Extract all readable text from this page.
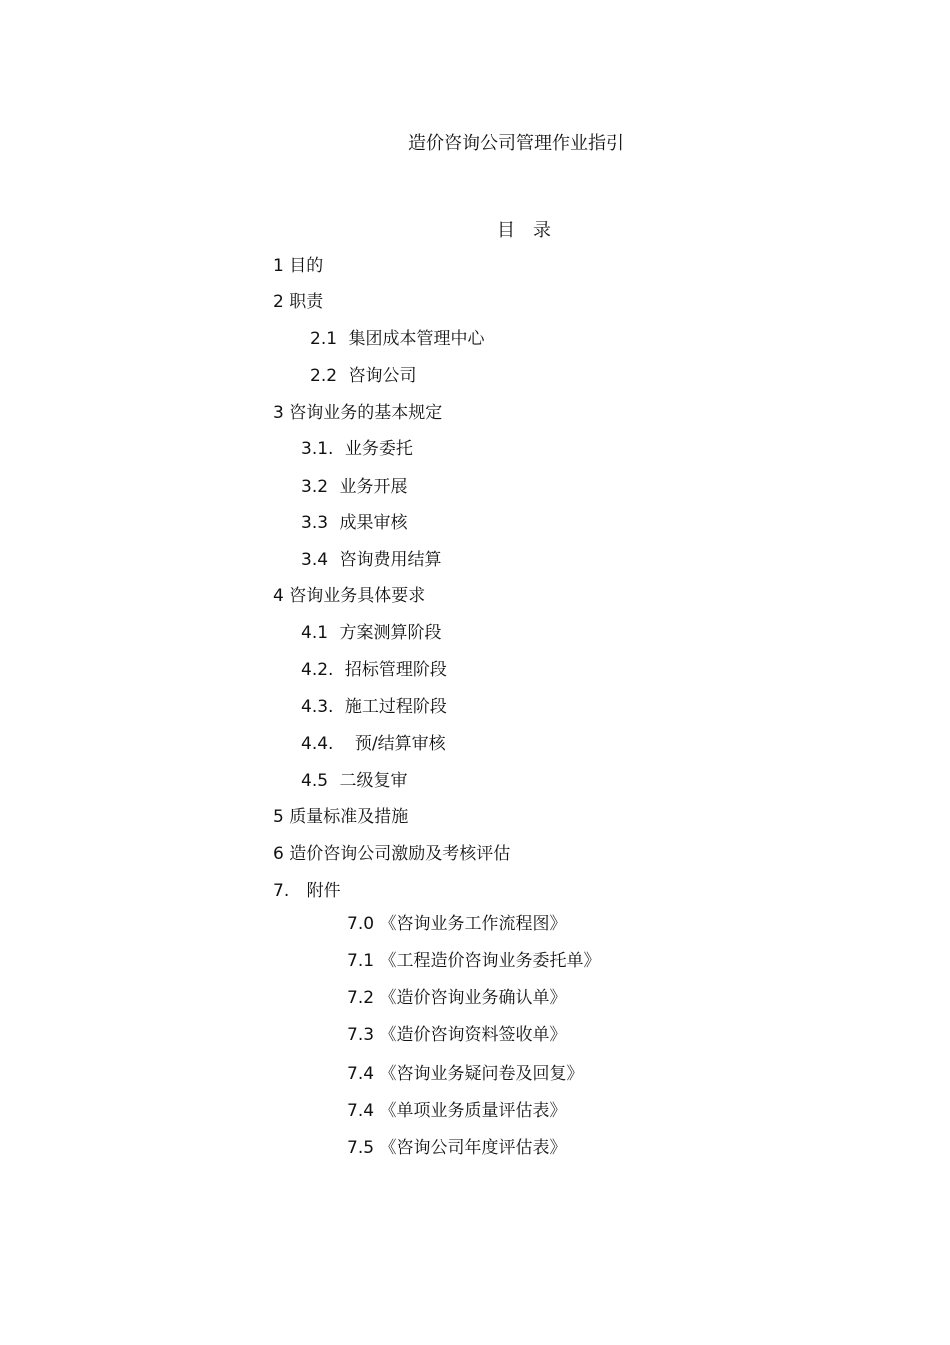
造价咨询公司管理作业指引
目 录
1 目的
2 职责
2.1 集团成本管理中心
2.2 咨询公司
3 咨询业务的基本规定
3.1. 业务委托
3.2 业务开展
3.3 成果审核
3.4 咨询费用结算
4 咨询业务具体要求
4.1 方案测算阶段
4.2. 招标管理阶段
4.3. 施工过程阶段
4.4. 预/结算审核
4.5 二级复审
5 质量标准及措施
6 造价咨询公司激励及考核评估
7. 附件
7.0 《咨询业务工作流程图》
7.1 《工程造价咨询业务委托单》
7.2 《造价咨询业务确认单》
7.3 《造价咨询资料签收单》
7.4 《咨询业务疑问卷及回复》
7.4 《单项业务质量评估表》
7.5 《咨询公司年度评估表》
